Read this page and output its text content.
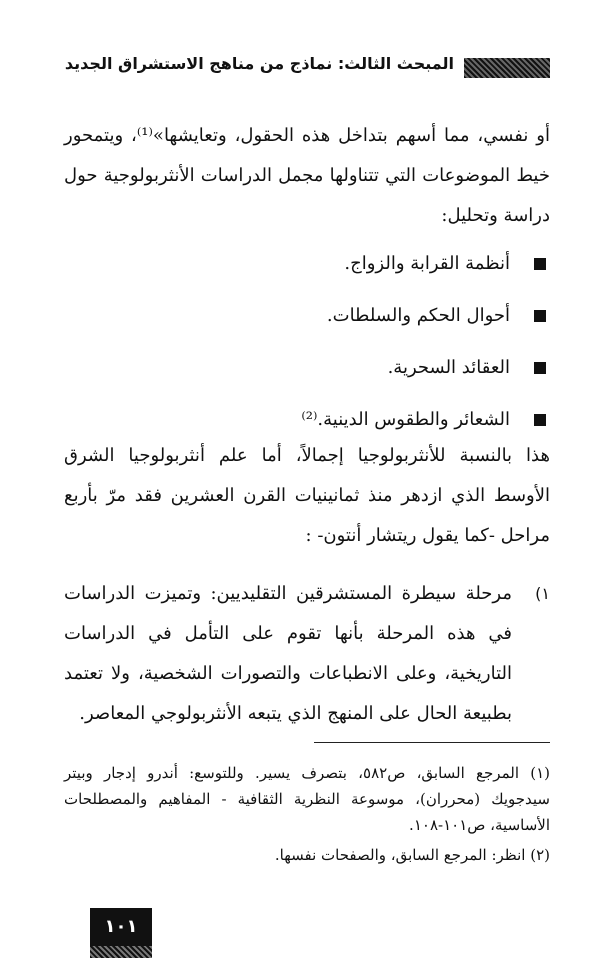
المبحث الثالث: نماذج من مناهج الاستشراق الجديد
أو نفسي، مما أسهم بتداخل هذه الحقول، وتعايشها»⁽¹⁾، ويتمحور خيط الموضوعات التي تتناولها مجمل الدراسات الأنثربولوجية حول دراسة وتحليل:
أنظمة القرابة والزواج.
أحوال الحكم والسلطات.
العقائد السحرية.
الشعائر والطقوس الدينية.⁽²⁾
هذا بالنسبة للأنثربولوجيا إجمالاً، أما علم أنثربولوجيا الشرق الأوسط الذي ازدهر منذ ثمانينيات القرن العشرين فقد مرّ بأربع مراحل -كما يقول ريتشار أنتون- :
١)
مرحلة سيطرة المستشرقين التقليديين: وتميزت الدراسات في هذه المرحلة بأنها تقوم على التأمل في الدراسات التاريخية، وعلى الانطباعات والتصورات الشخصية، ولا تعتمد بطبيعة الحال على المنهج الذي يتبعه الأنثربولوجي المعاصر.
(١) المرجع السابق، ص٥٨٢، بتصرف يسير. وللتوسع: أندرو إدجار وبيتر سيدجويك (محرران)، موسوعة النظرية الثقافية - المفاهيم والمصطلحات الأساسية، ص١٠١-١٠٨.
(٢) انظر: المرجع السابق، والصفحات نفسها.
١٠١
